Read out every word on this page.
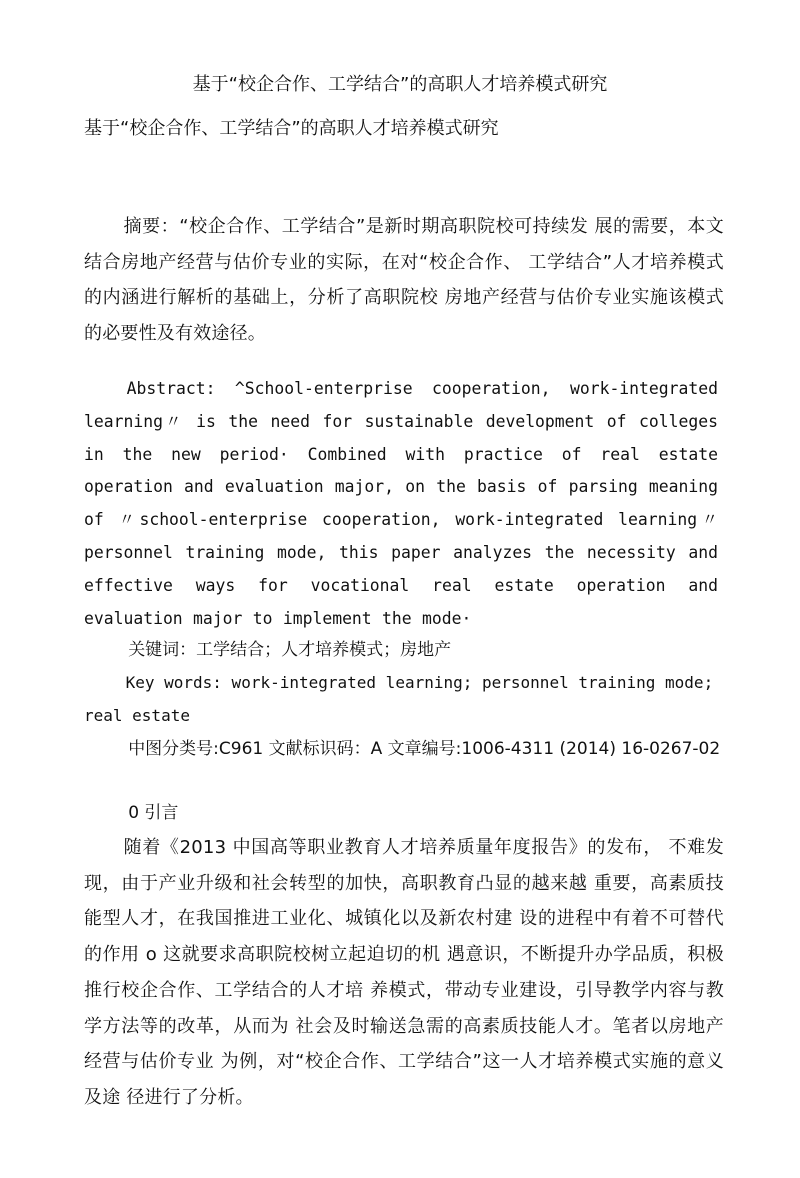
基于“校企合作、工学结合”的高职人才培养模式研究
基于“校企合作、工学结合”的高职人才培养模式研究
摘要：“校企合作、工学结合”是新时期高职院校可持续发 展的需要，本文结合房地产经营与估价专业的实际，在对“校企合作、 工学结合”人才培养模式的内涵进行解析的基础上，分析了高职院校 房地产经营与估价专业实施该模式的必要性及有效途径。
Abstract: ^School-enterprise cooperation, work-integrated learning〃 is the need for sustainable development of colleges in the new period· Combined with practice of real estate operation and evaluation major, on the basis of parsing meaning of 〃school-enterprise cooperation, work-integrated learning〃 personnel training mode, this paper analyzes the necessity and effective ways for vocational real estate operation and evaluation major to implement the mode·
关键词：工学结合；人才培养模式；房地产
Key words: work-integrated learning; personnel training mode; real estate
中图分类号:C961 文献标识码：A 文章编号:1006-4311 (2014) 16-0267-02
0 引言
随着《2013 中国高等职业教育人才培养质量年度报告》的发布， 不难发现，由于产业升级和社会转型的加快，高职教育凸显的越来越 重要，高素质技能型人才，在我国推进工业化、城镇化以及新农村建 设的进程中有着不可替代的作用 o 这就要求高职院校树立起迫切的机 遇意识，不断提升办学品质，积极推行校企合作、工学结合的人才培 养模式，带动专业建设，引导教学内容与教学方法等的改革，从而为 社会及时输送急需的高素质技能人才。笔者以房地产经营与估价专业 为例，对“校企合作、工学结合”这一人才培养模式实施的意义及途 径进行了分析。
